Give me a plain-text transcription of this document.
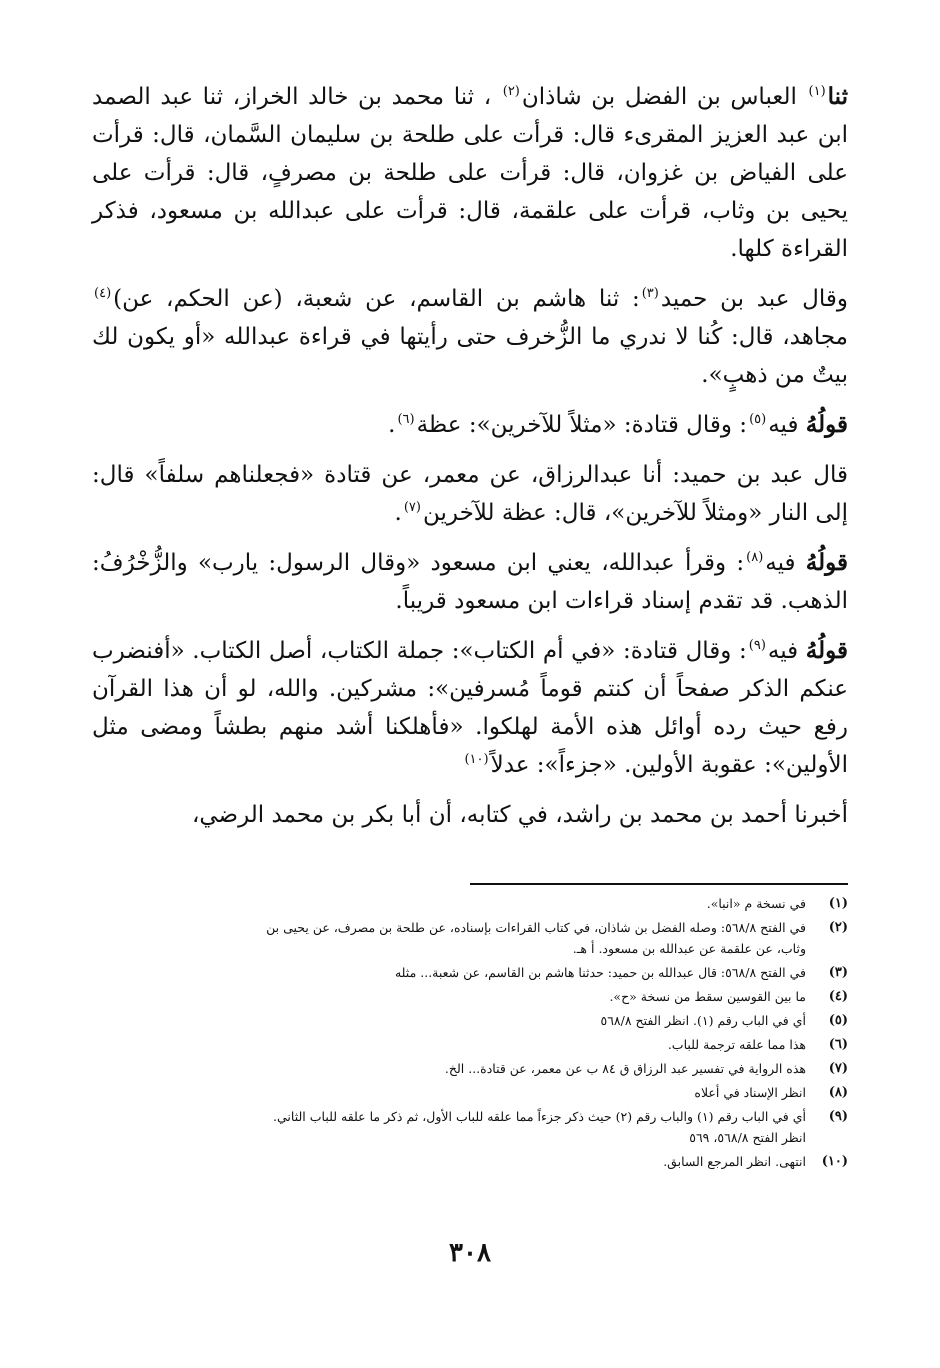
ثنا$^{(١)}$ العباس بن الفضل بن شاذان$^{(٢)}$ ، ثنا محمد بن خالد الخراز، ثنا عبد الصمد ابن عبد العزيز المقرىء قال: قرأت على طلحة بن سليمان السَّمان، قال: قرأت على الفياض بن غزوان، قال: قرأت على طلحة بن مصرفٍ، قال: قرأت على يحيى بن وثاب، قرأت على علقمة، قال: قرأت على عبدالله بن مسعود، فذكر القراءة كلها.

وقال عبد بن حميد$^{(٣)}$: ثنا هاشم بن القاسم، عن شعبة، (عن الحكم، عن)$^{(٤)}$ مجاهد، قال: كُنا لا ندري ما الزُّخرف حتى رأيتها في قراءة عبدالله «أو يكون لك بيتٌ من ذهبٍ».

قولُهُ فيه$^{(٥)}$: وقال قتادة: «مثلاً للآخرين»: عظة$^{(٦)}$.

قال عبد بن حميد: أنا عبدالرزاق، عن معمر، عن قتادة «فجعلناهم سلفاً» قال: إلى النار «ومثلاً للآخرين»، قال: عظة للآخرين$^{(٧)}$.

قولُهُ فيه$^{(٨)}$: وقرأ عبدالله، يعني ابن مسعود «وقال الرسول: يارب» والزُّخْرُفُ: الذهب. قد تقدم إسناد قراءات ابن مسعود قريباً.

قولُهُ فيه$^{(٩)}$: وقال قتادة: «في أم الكتاب»: جملة الكتاب، أصل الكتاب. «أفنضرب عنكم الذكر صفحاً أن كنتم قوماً مُسرفين»: مشركين. والله، لو أن هذا القرآن رفع حيث رده أوائل هذه الأمة لهلكوا. «فأهلكنا أشد منهم بطشاً ومضى مثل الأولين»: عقوبة الأولين. «جزءاً»: عدلاً$^{(١٠)}$

أخبرنا أحمد بن محمد بن راشد، في كتابه، أن أبا بكر بن محمد الرضي،

(١)
في نسخة م «انبا».
(٢)
في الفتح ٥٦٨/٨: وصله الفضل بن شاذان، في كتاب القراءات بإسناده، عن طلحة بن مصرف، عن يحيى بن
وثاب، عن علقمة عن عبدالله بن مسعود. أ هـ.
(٣)
في الفتح ٥٦٨/٨: قال عبدالله بن حميد: حدثنا هاشم بن القاسم، عن شعبة... مثله
(٤)
ما بين القوسين سقط من نسخة «ح».
(٥)
أي في الباب رقم (١). انظر الفتح ٥٦٨/٨
(٦)
هذا مما علقه ترجمة للباب.
(٧)
هذه الرواية في تفسير عبد الرزاق ق ٨٤ ب عن معمر، عن قتادة... الخ.
(٨)
انظر الإسناد في أعلاه
(٩)
أي في الباب رقم (١) والباب رقم (٢) حيث ذكر جزءاً مما علقه للباب الأول، ثم ذكر ما علقه للباب الثاني.
انظر الفتح ٥٦٨/٨، ٥٦٩
(١٠)
انتهى. انظر المرجع السابق.
٣٠٨
